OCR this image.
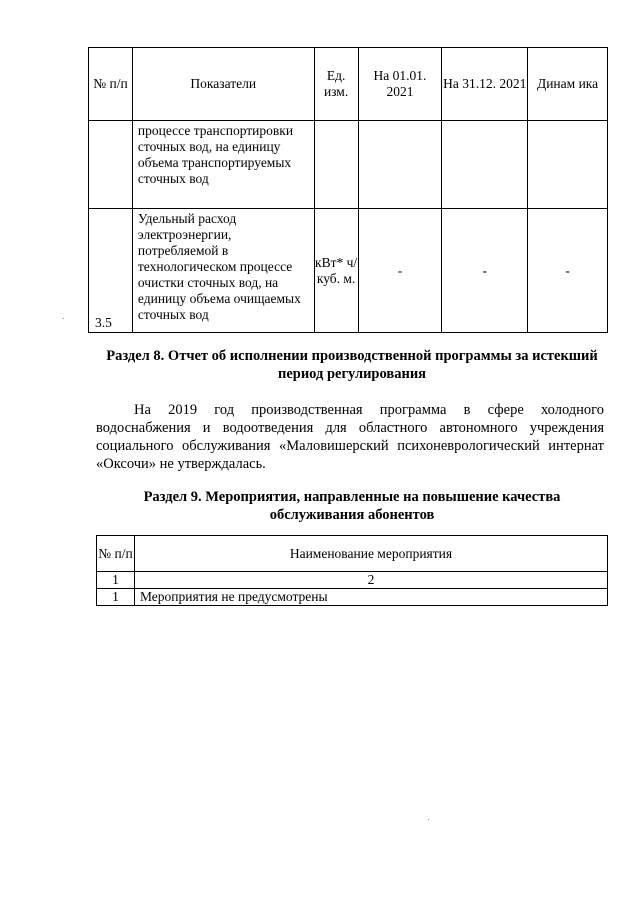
№ п/п	Показатели	Ед. изм.	На 01.01. 2021	На 31.12. 2021	Динам ика
	процессе транспортировки сточных вод, на единицу объема транспортируемых сточных вод				
3.5	Удельный расход электроэнергии, потребляемой в технологическом процессе очистки сточных вод, на единицу объема очищаемых сточных вод	кВт* ч/ куб. м.	-	-	-
.
Раздел 8. Отчет об исполнении производственной программы за истекший период регулирования
На 2019 год производственная программа в сфере холодного водоснабжения и водоотведения для областного автономного учреждения социального обслуживания «Маловишерский психоневрологический интернат «Оксочи» не утверждалась.
Раздел 9. Мероприятия, направленные на повышение качества обслуживания абонентов
№ п/п	Наименование мероприятия
1	2
1	Мероприятия не предусмотрены
·
